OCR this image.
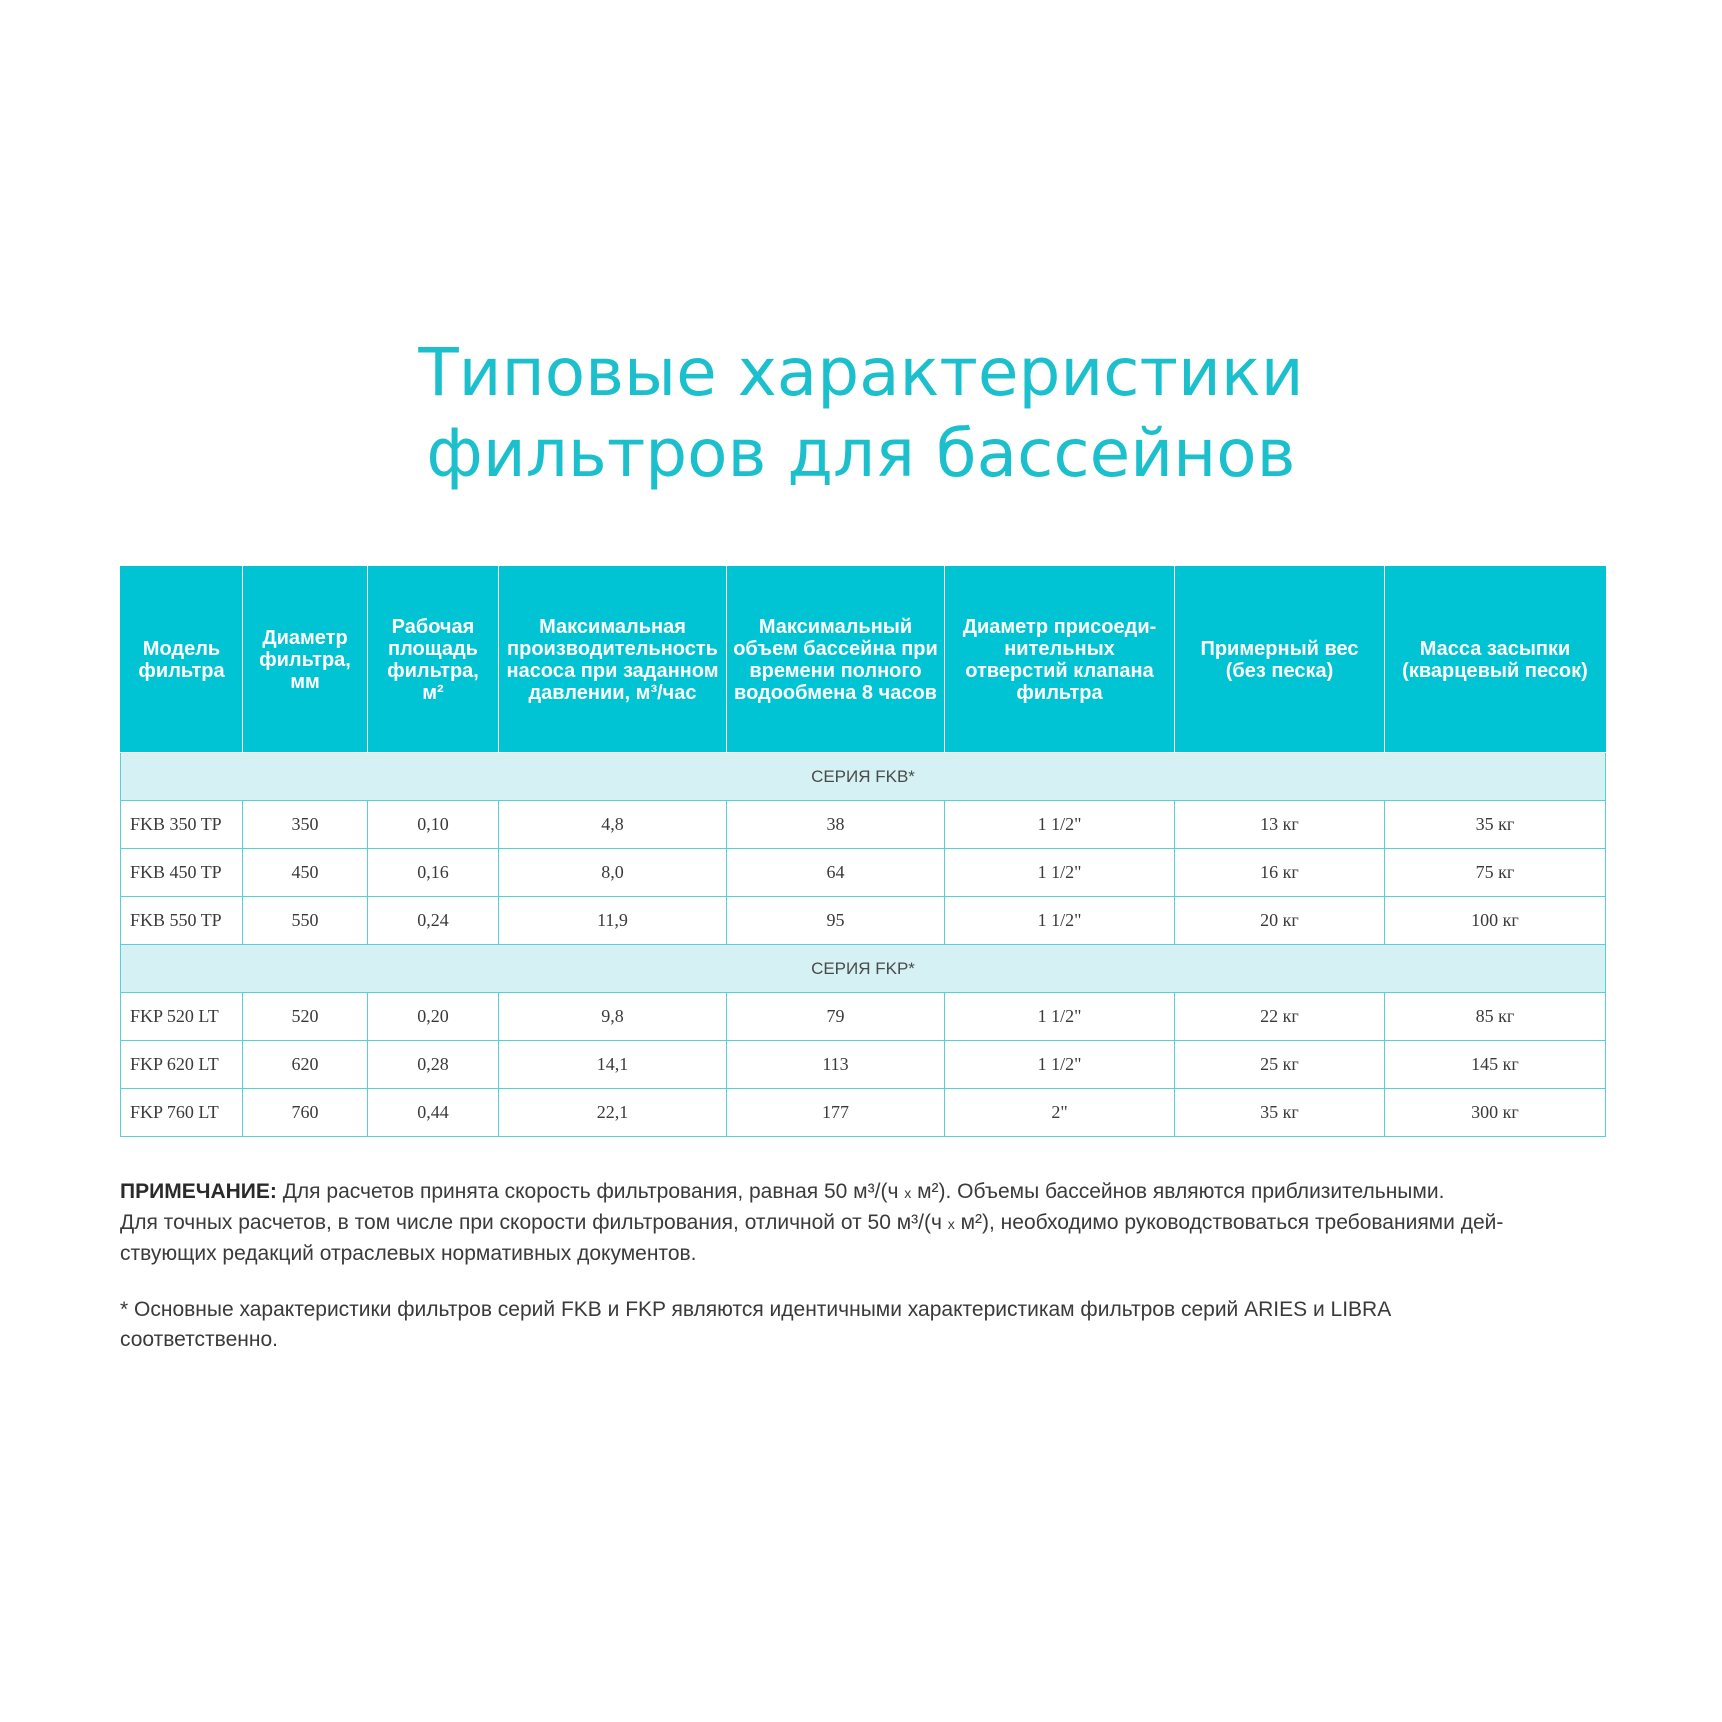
Типовые характеристики
фильтров для бассейнов
Модель фильтра	Диаметр фильтра, мм	Рабочая площадь фильтра, м²	Максимальная производительность насоса при заданном давлении, м³/час	Максимальный объем бассейна при времени полного водообмена 8 часов	Диаметр присоеди-нительных отверстий клапана фильтра	Примерный вес (без песка)	Масса засыпки (кварцевый песок)
СЕРИЯ FKB*							
FKB 350 TP	350	0,10	4,8	38	1 1/2"	13 кг	35 кг
FKB 450 TP	450	0,16	8,0	64	1 1/2"	16 кг	75 кг
FKB 550 TP	550	0,24	11,9	95	1 1/2"	20 кг	100 кг
СЕРИЯ FKP*							
FKP 520 LT	520	0,20	9,8	79	1 1/2"	22 кг	85 кг
FKP 620 LT	620	0,28	14,1	113	1 1/2"	25 кг	145 кг
FKP 760 LT	760	0,44	22,1	177	2"	35 кг	300 кг

ПРИМЕЧАНИЕ: Для расчетов принята скорость фильтрования, равная 50 м³/(ч x м²). Объемы бассейнов являются приблизительными.

Для точных расчетов, в том числе при скорости фильтрования, отличной от 50 м³/(ч x м²), необходимо руководствоваться требованиями дей-

ствующих редакций отраслевых нормативных документов.

* Основные характеристики фильтров серий FKB и FKP являются идентичными характеристикам фильтров серий ARIES и LIBRA

соответственно.
